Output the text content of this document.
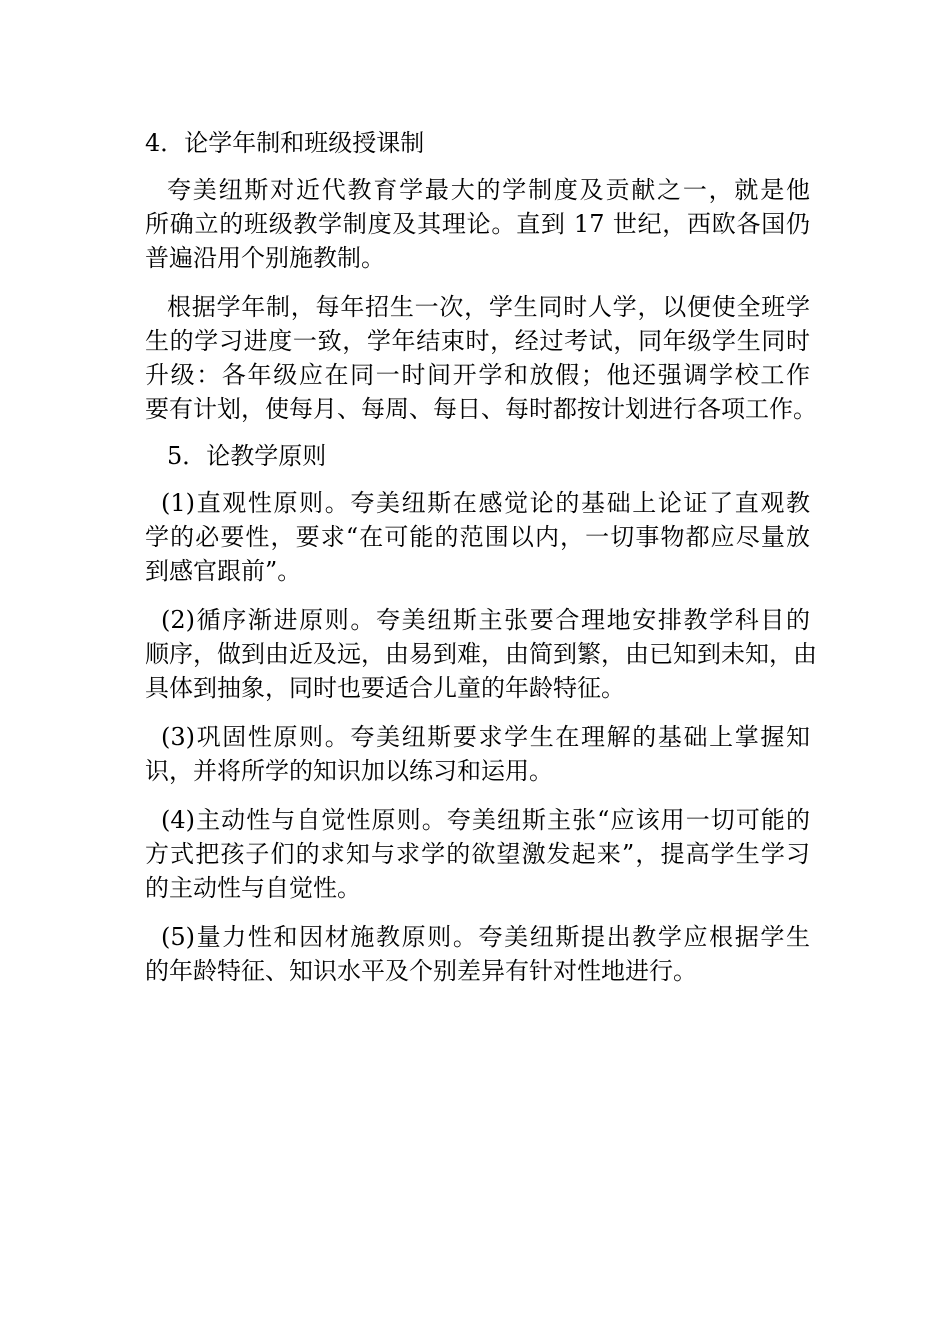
4．论学年制和班级授课制
夸美纽斯对近代教育学最大的学制度及贡献之一，就是他
所确立的班级教学制度及其理论。直到 17 世纪，西欧各国仍
普遍沿用个别施教制。
根据学年制，每年招生一次，学生同时人学，以便使全班学
生的学习进度一致，学年结束时，经过考试，同年级学生同时
升级：各年级应在同一时间开学和放假；他还强调学校工作
要有计划，使每月、每周、每日、每时都按计划进行各项工作。
5．论教学原则
(1)直观性原则。夸美纽斯在感觉论的基础上论证了直观教
学的必要性，要求“在可能的范围以内，一切事物都应尽量放
到感官跟前”。
(2)循序渐进原则。夸美纽斯主张要合理地安排教学科目的
顺序，做到由近及远，由易到难，由简到繁，由已知到未知，由
具体到抽象，同时也要适合儿童的年龄特征。
(3)巩固性原则。夸美纽斯要求学生在理解的基础上掌握知
识，并将所学的知识加以练习和运用。
(4)主动性与自觉性原则。夸美纽斯主张“应该用一切可能的
方式把孩子们的求知与求学的欲望激发起来”，提高学生学习
的主动性与自觉性。
(5)量力性和因材施教原则。夸美纽斯提出教学应根据学生
的年龄特征、知识水平及个别差异有针对性地进行。
